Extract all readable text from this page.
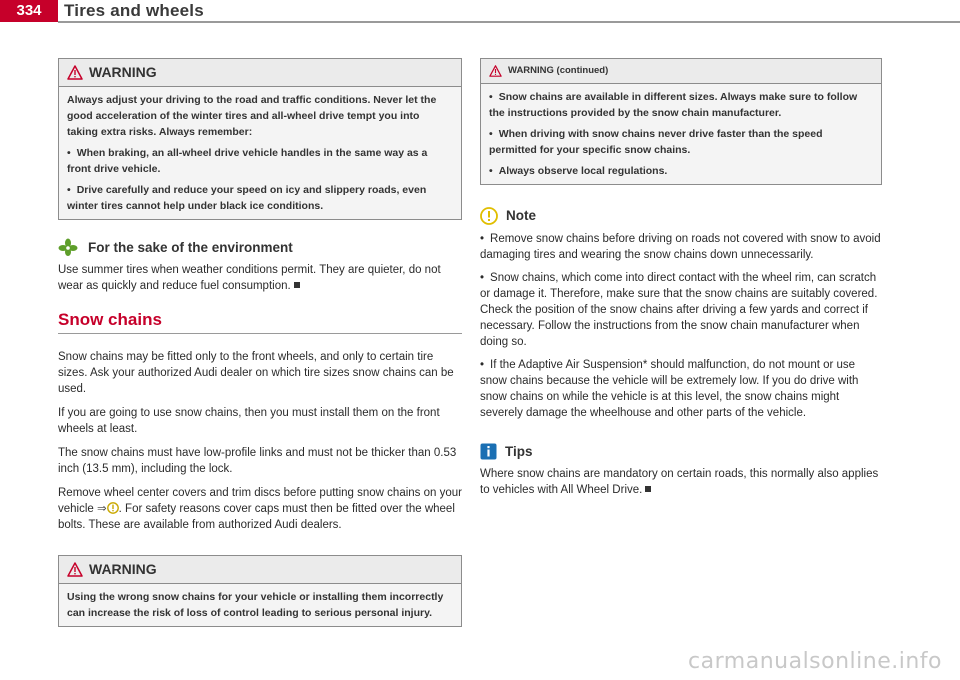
334	Tires and wheels
WARNING

Always adjust your driving to the road and traffic conditions. Never let the good acceleration of the winter tires and all-wheel drive tempt you into taking extra risks. Always remember:

• When braking, an all-wheel drive vehicle handles in the same way as a front drive vehicle.

• Drive carefully and reduce your speed on icy and slippery roads, even winter tires cannot help under black ice conditions.

For the sake of the environment

Use summer tires when weather conditions permit. They are quieter, do not wear as quickly and reduce fuel consumption.

Snow chains

Snow chains may be fitted only to the front wheels, and only to certain tire sizes. Ask your authorized Audi dealer on which tire sizes snow chains can be used.

If you are going to use snow chains, then you must install them on the front wheels at least.

The snow chains must have low-profile links and must not be thicker than 0.53 inch (13.5 mm), including the lock.

Remove wheel center covers and trim discs before putting snow chains on your vehicle ⇒ . For safety reasons cover caps must then be fitted over the wheel bolts. These are available from authorized Audi dealers.

WARNING

Using the wrong snow chains for your vehicle or installing them incorrectly can increase the risk of loss of control leading to serious personal injury.

WARNING (continued)

• Snow chains are available in different sizes. Always make sure to follow the instructions provided by the snow chain manufacturer.

• When driving with snow chains never drive faster than the speed permitted for your specific snow chains.

• Always observe local regulations.

Note

• Remove snow chains before driving on roads not covered with snow to avoid damaging tires and wearing the snow chains down unnecessarily.

• Snow chains, which come into direct contact with the wheel rim, can scratch or damage it. Therefore, make sure that the snow chains are suitably covered. Check the position of the snow chains after driving a few yards and correct if necessary. Follow the instructions from the snow chain manufacturer when doing so.

• If the Adaptive Air Suspension* should malfunction, do not mount or use snow chains because the vehicle will be extremely low. If you do drive with snow chains on while the vehicle is at this level, the snow chains might severely damage the wheelhouse and other parts of the vehicle.

Tips

Where snow chains are mandatory on certain roads, this normally also applies to vehicles with All Wheel Drive.

carmanualsonline.info
